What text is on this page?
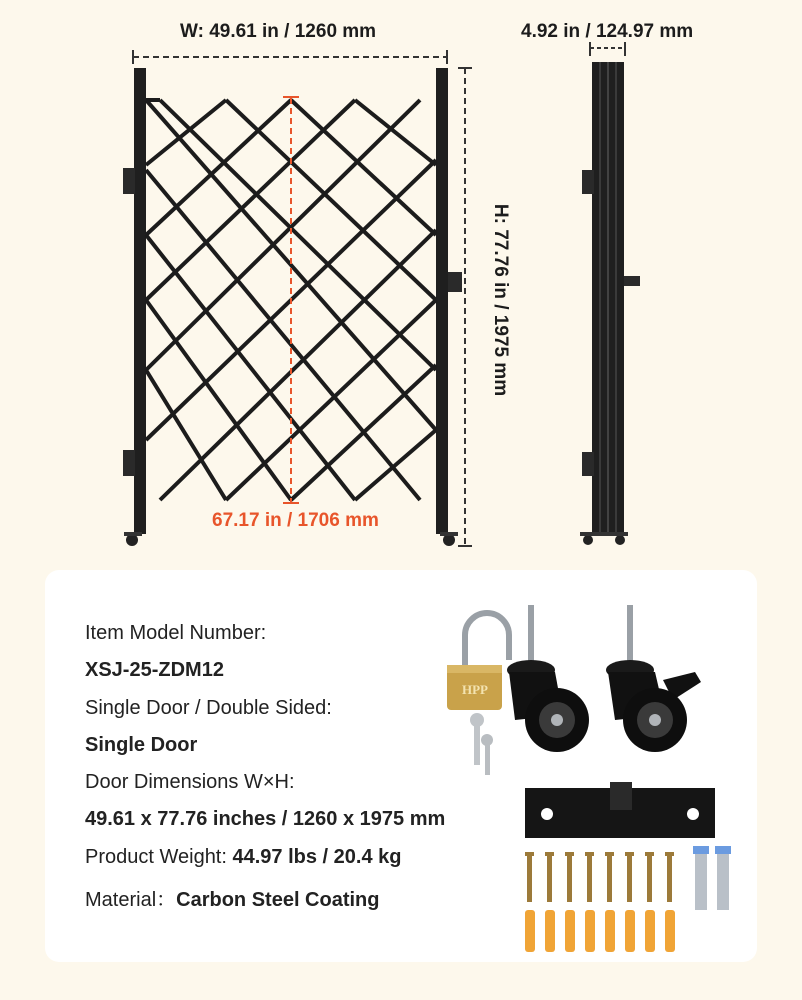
W: 49.61 in / 1260 mm	4.92 in / 124.97 mm
H: 77.76 in / 1975 mm
67.17 in / 1706 mm
Item Model Number:
XSJ-25-ZDM12
Single Door / Double Sided:
Single Door
Door Dimensions W×H:
49.61 x 77.76 inches / 1260 x 1975 mm
Product Weight: 44.97 lbs / 20.4 kg
Material：Carbon Steel Coating
HPP
